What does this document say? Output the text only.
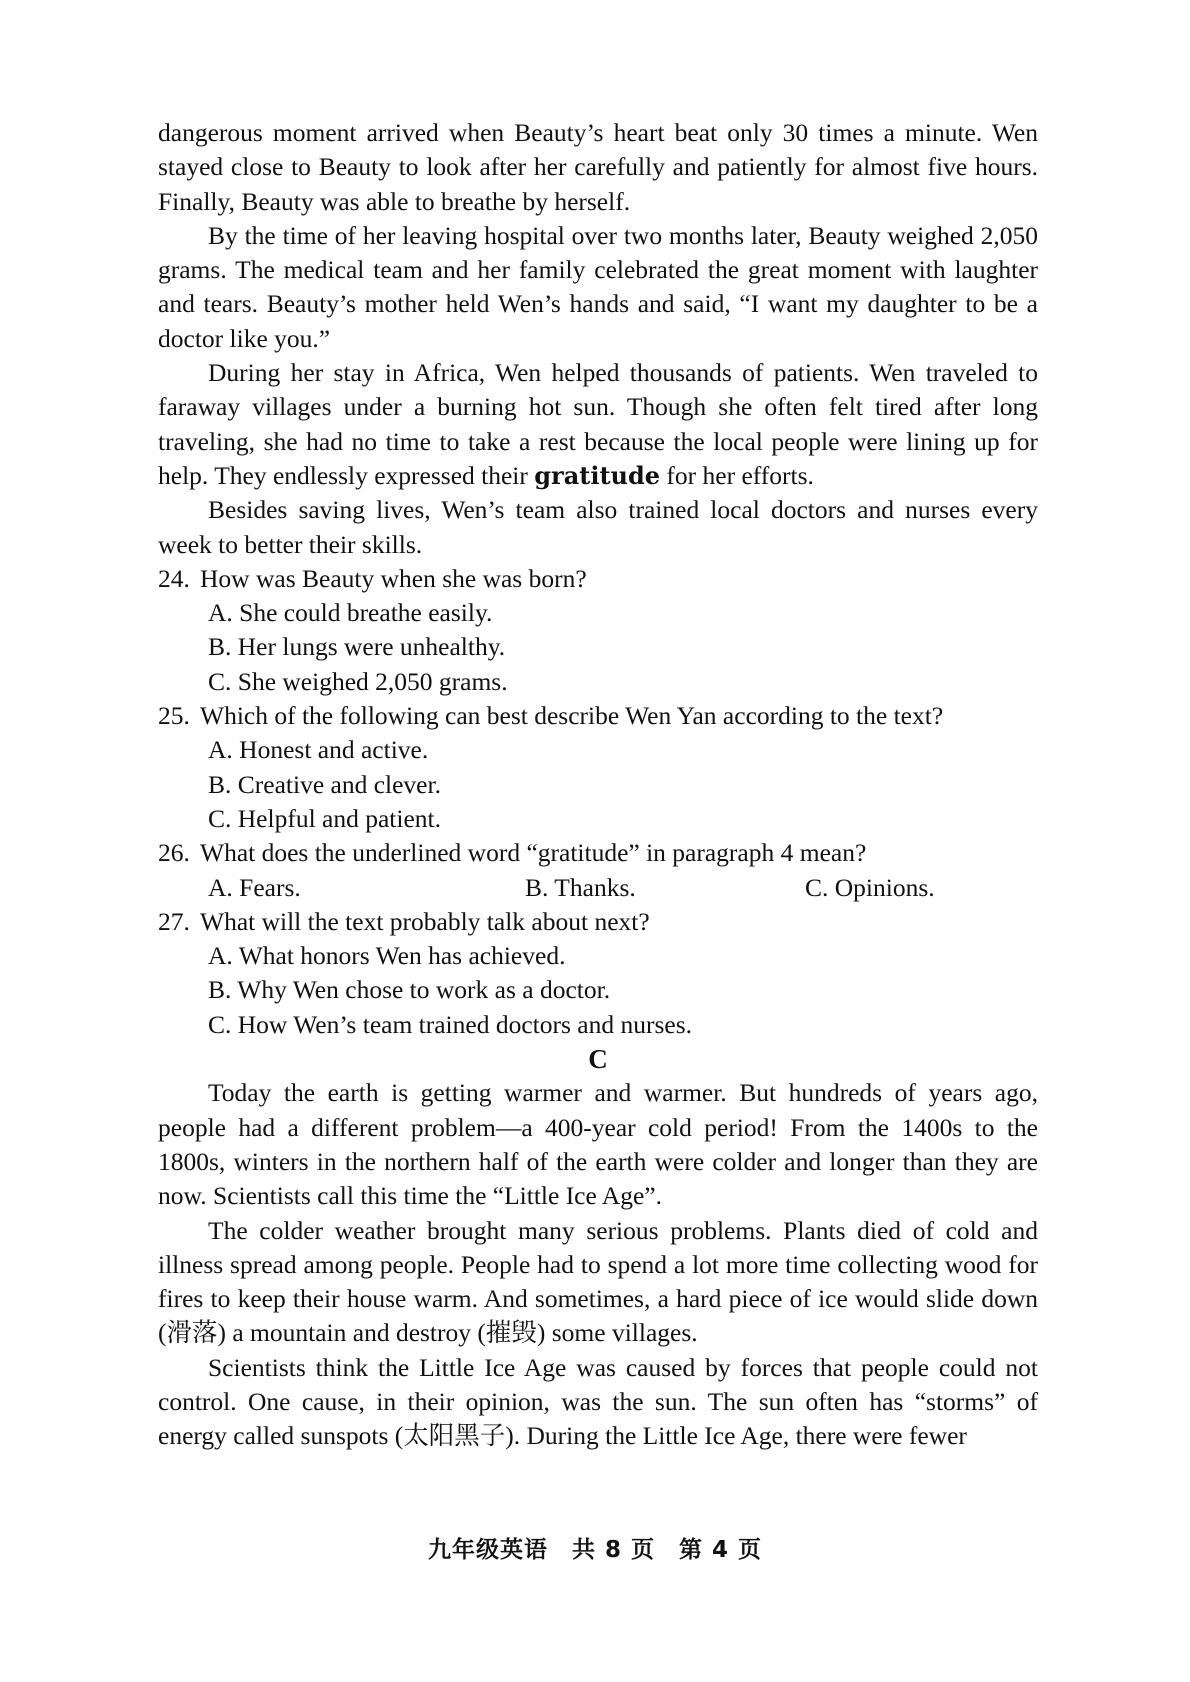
dangerous moment arrived when Beauty’s heart beat only 30 times a minute. Wen stayed close to Beauty to look after her carefully and patiently for almost five hours. Finally, Beauty was able to breathe by herself.

By the time of her leaving hospital over two months later, Beauty weighed 2,050 grams. The medical team and her family celebrated the great moment with laughter and tears. Beauty’s mother held Wen’s hands and said, “I want my daughter to be a doctor like you.”

During her stay in Africa, Wen helped thousands of patients. Wen traveled to faraway villages under a burning hot sun. Though she often felt tired after long traveling, she had no time to take a rest because the local people were lining up for help. They endlessly expressed their gratitude for her efforts.

Besides saving lives, Wen’s team also trained local doctors and nurses every week to better their skills.

24. How was Beauty when she was born?

A. She could breathe easily.

B. Her lungs were unhealthy.

C. She weighed 2,050 grams.

25. Which of the following can best describe Wen Yan according to the text?

A. Honest and active.

B. Creative and clever.

C. Helpful and patient.

26. What does the underlined word “gratitude” in paragraph 4 mean?
A. Fears.	B. Thanks.	C. Opinions.
27. What will the text probably talk about next?

A. What honors Wen has achieved.

B. Why Wen chose to work as a doctor.

C. How Wen’s team trained doctors and nurses.

C

Today the earth is getting warmer and warmer. But hundreds of years ago, people had a different problem—a 400-year cold period! From the 1400s to the 1800s, winters in the northern half of the earth were colder and longer than they are now. Scientists call this time the “Little Ice Age”.

The colder weather brought many serious problems. Plants died of cold and illness spread among people. People had to spend a lot more time collecting wood for fires to keep their house warm. And sometimes, a hard piece of ice would slide down (滑落) a mountain and destroy (摧毁) some villages.

Scientists think the Little Ice Age was caused by forces that people could not control. One cause, in their opinion, was the sun. The sun often has “storms” of energy called sunspots (太阳黑子). During the Little Ice Age, there were fewer

九年级英语　共 8 页　第 4 页
